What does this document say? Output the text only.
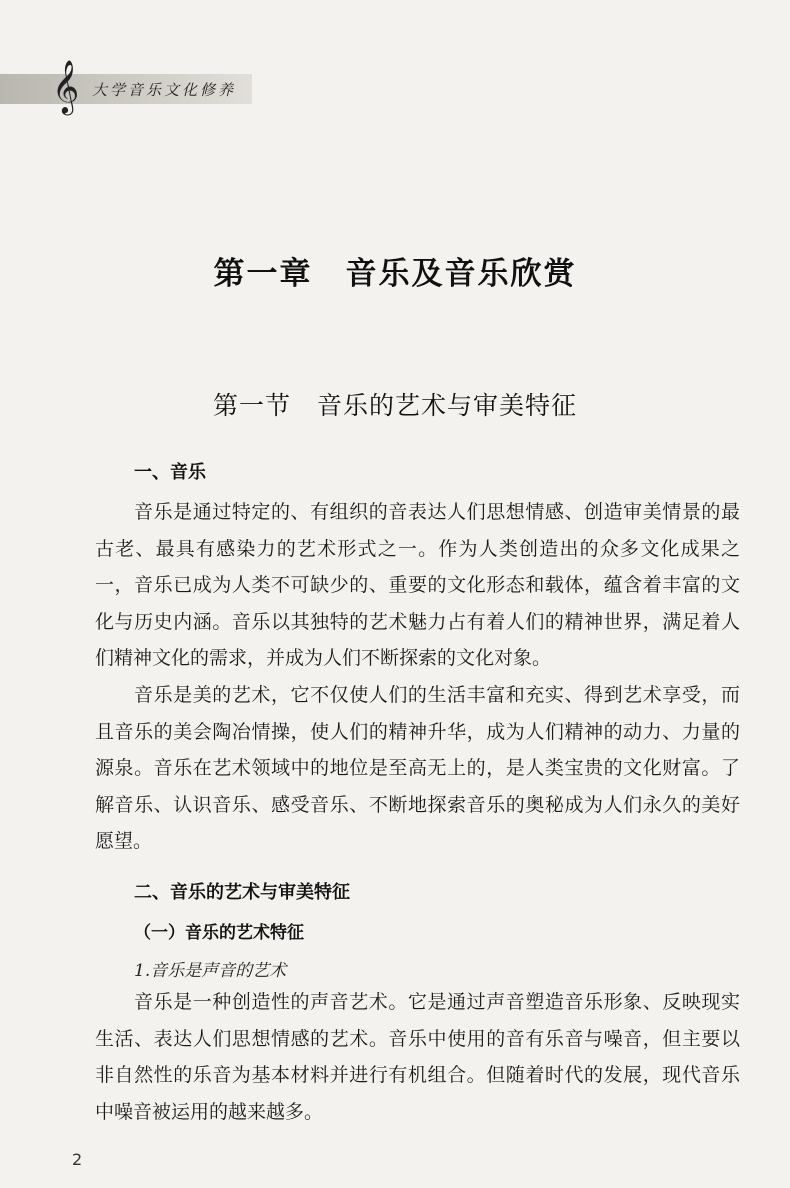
𝄞 大学音乐文化修养
第一章　音乐及音乐欣赏
第一节　音乐的艺术与审美特征
一、音乐
音乐是通过特定的、有组织的音表达人们思想情感、创造审美情景的最古老、最具有感染力的艺术形式之一。作为人类创造出的众多文化成果之一，音乐已成为人类不可缺少的、重要的文化形态和载体，蕴含着丰富的文化与历史内涵。音乐以其独特的艺术魅力占有着人们的精神世界，满足着人们精神文化的需求，并成为人们不断探索的文化对象。
音乐是美的艺术，它不仅使人们的生活丰富和充实、得到艺术享受，而且音乐的美会陶冶情操，使人们的精神升华，成为人们精神的动力、力量的源泉。音乐在艺术领域中的地位是至高无上的，是人类宝贵的文化财富。了解音乐、认识音乐、感受音乐、不断地探索音乐的奥秘成为人们永久的美好愿望。
二、音乐的艺术与审美特征
（一）音乐的艺术特征
1.音乐是声音的艺术
音乐是一种创造性的声音艺术。它是通过声音塑造音乐形象、反映现实生活、表达人们思想情感的艺术。音乐中使用的音有乐音与噪音，但主要以非自然性的乐音为基本材料并进行有机组合。但随着时代的发展，现代音乐中噪音被运用的越来越多。
2
